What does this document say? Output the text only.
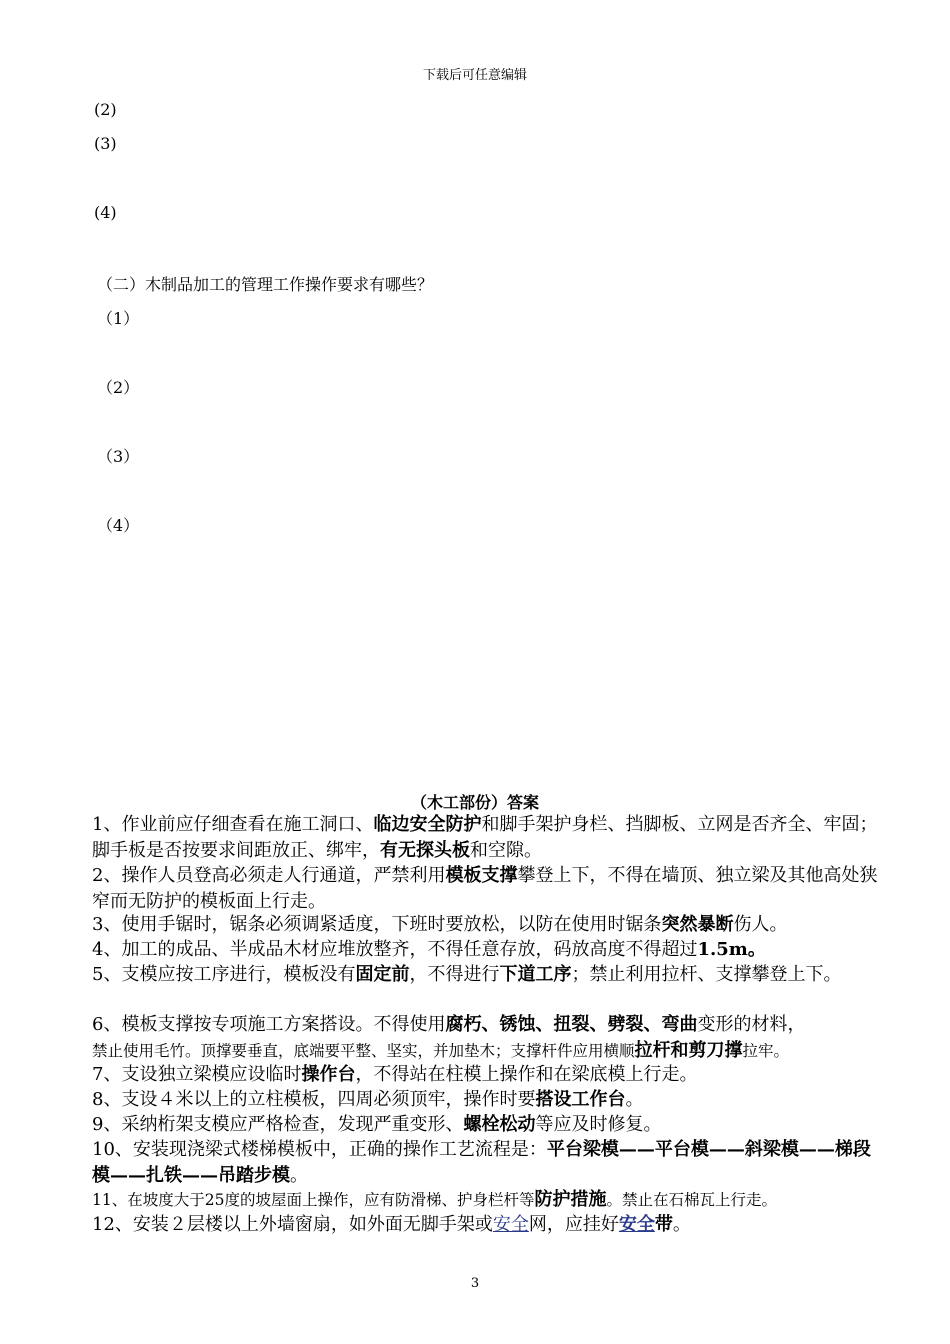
下载后可任意编辑
(2)
(3)
(4)
（二）木制品加工的管理工作操作要求有哪些？
（1）
（2）
（3）
（4）
（木工部份）答案
1、作业前应仔细查看在施工洞口、临边安全防护和脚手架护身栏、挡脚板、立网是否齐全、牢固；脚手板是否按要求间距放正、绑牢，有无探头板和空隙。
2、操作人员登高必须走人行通道，严禁利用模板支撑攀登上下，不得在墙顶、独立梁及其他高处狭窄而无防护的模板面上行走。
3、使用手锯时，锯条必须调紧适度，下班时要放松，以防在使用时锯条突然暴断伤人。
4、加工的成品、半成品木材应堆放整齐，不得任意存放，码放高度不得超过1.5m。
5、支模应按工序进行，模板没有固定前，不得进行下道工序；禁止利用拉杆、支撑攀登上下。
6、模板支撑按专项施工方案搭设。不得使用腐朽、锈蚀、扭裂、劈裂、弯曲变形的材料，
禁止使用毛竹。顶撑要垂直，底端要平整、坚实，并加垫木；支撑杆件应用横顺拉杆和剪刀撑拉牢。
7、支设独立梁模应设临时操作台，不得站在柱模上操作和在梁底模上行走。
8、支设４米以上的立柱模板，四周必须顶牢，操作时要搭设工作台。
9、采纳桁架支模应严格检查，发现严重变形、螺栓松动等应及时修复。
10、安装现浇梁式楼梯模板中，正确的操作工艺流程是：平台梁模——平台模——斜梁模——梯段模——扎铁——吊踏步模。
11、在坡度大于25度的坡屋面上操作，应有防滑梯、护身栏杆等防护措施。禁止在石棉瓦上行走。
12、安装２层楼以上外墙窗扇，如外面无脚手架或安全网，应挂好安全带。
3
